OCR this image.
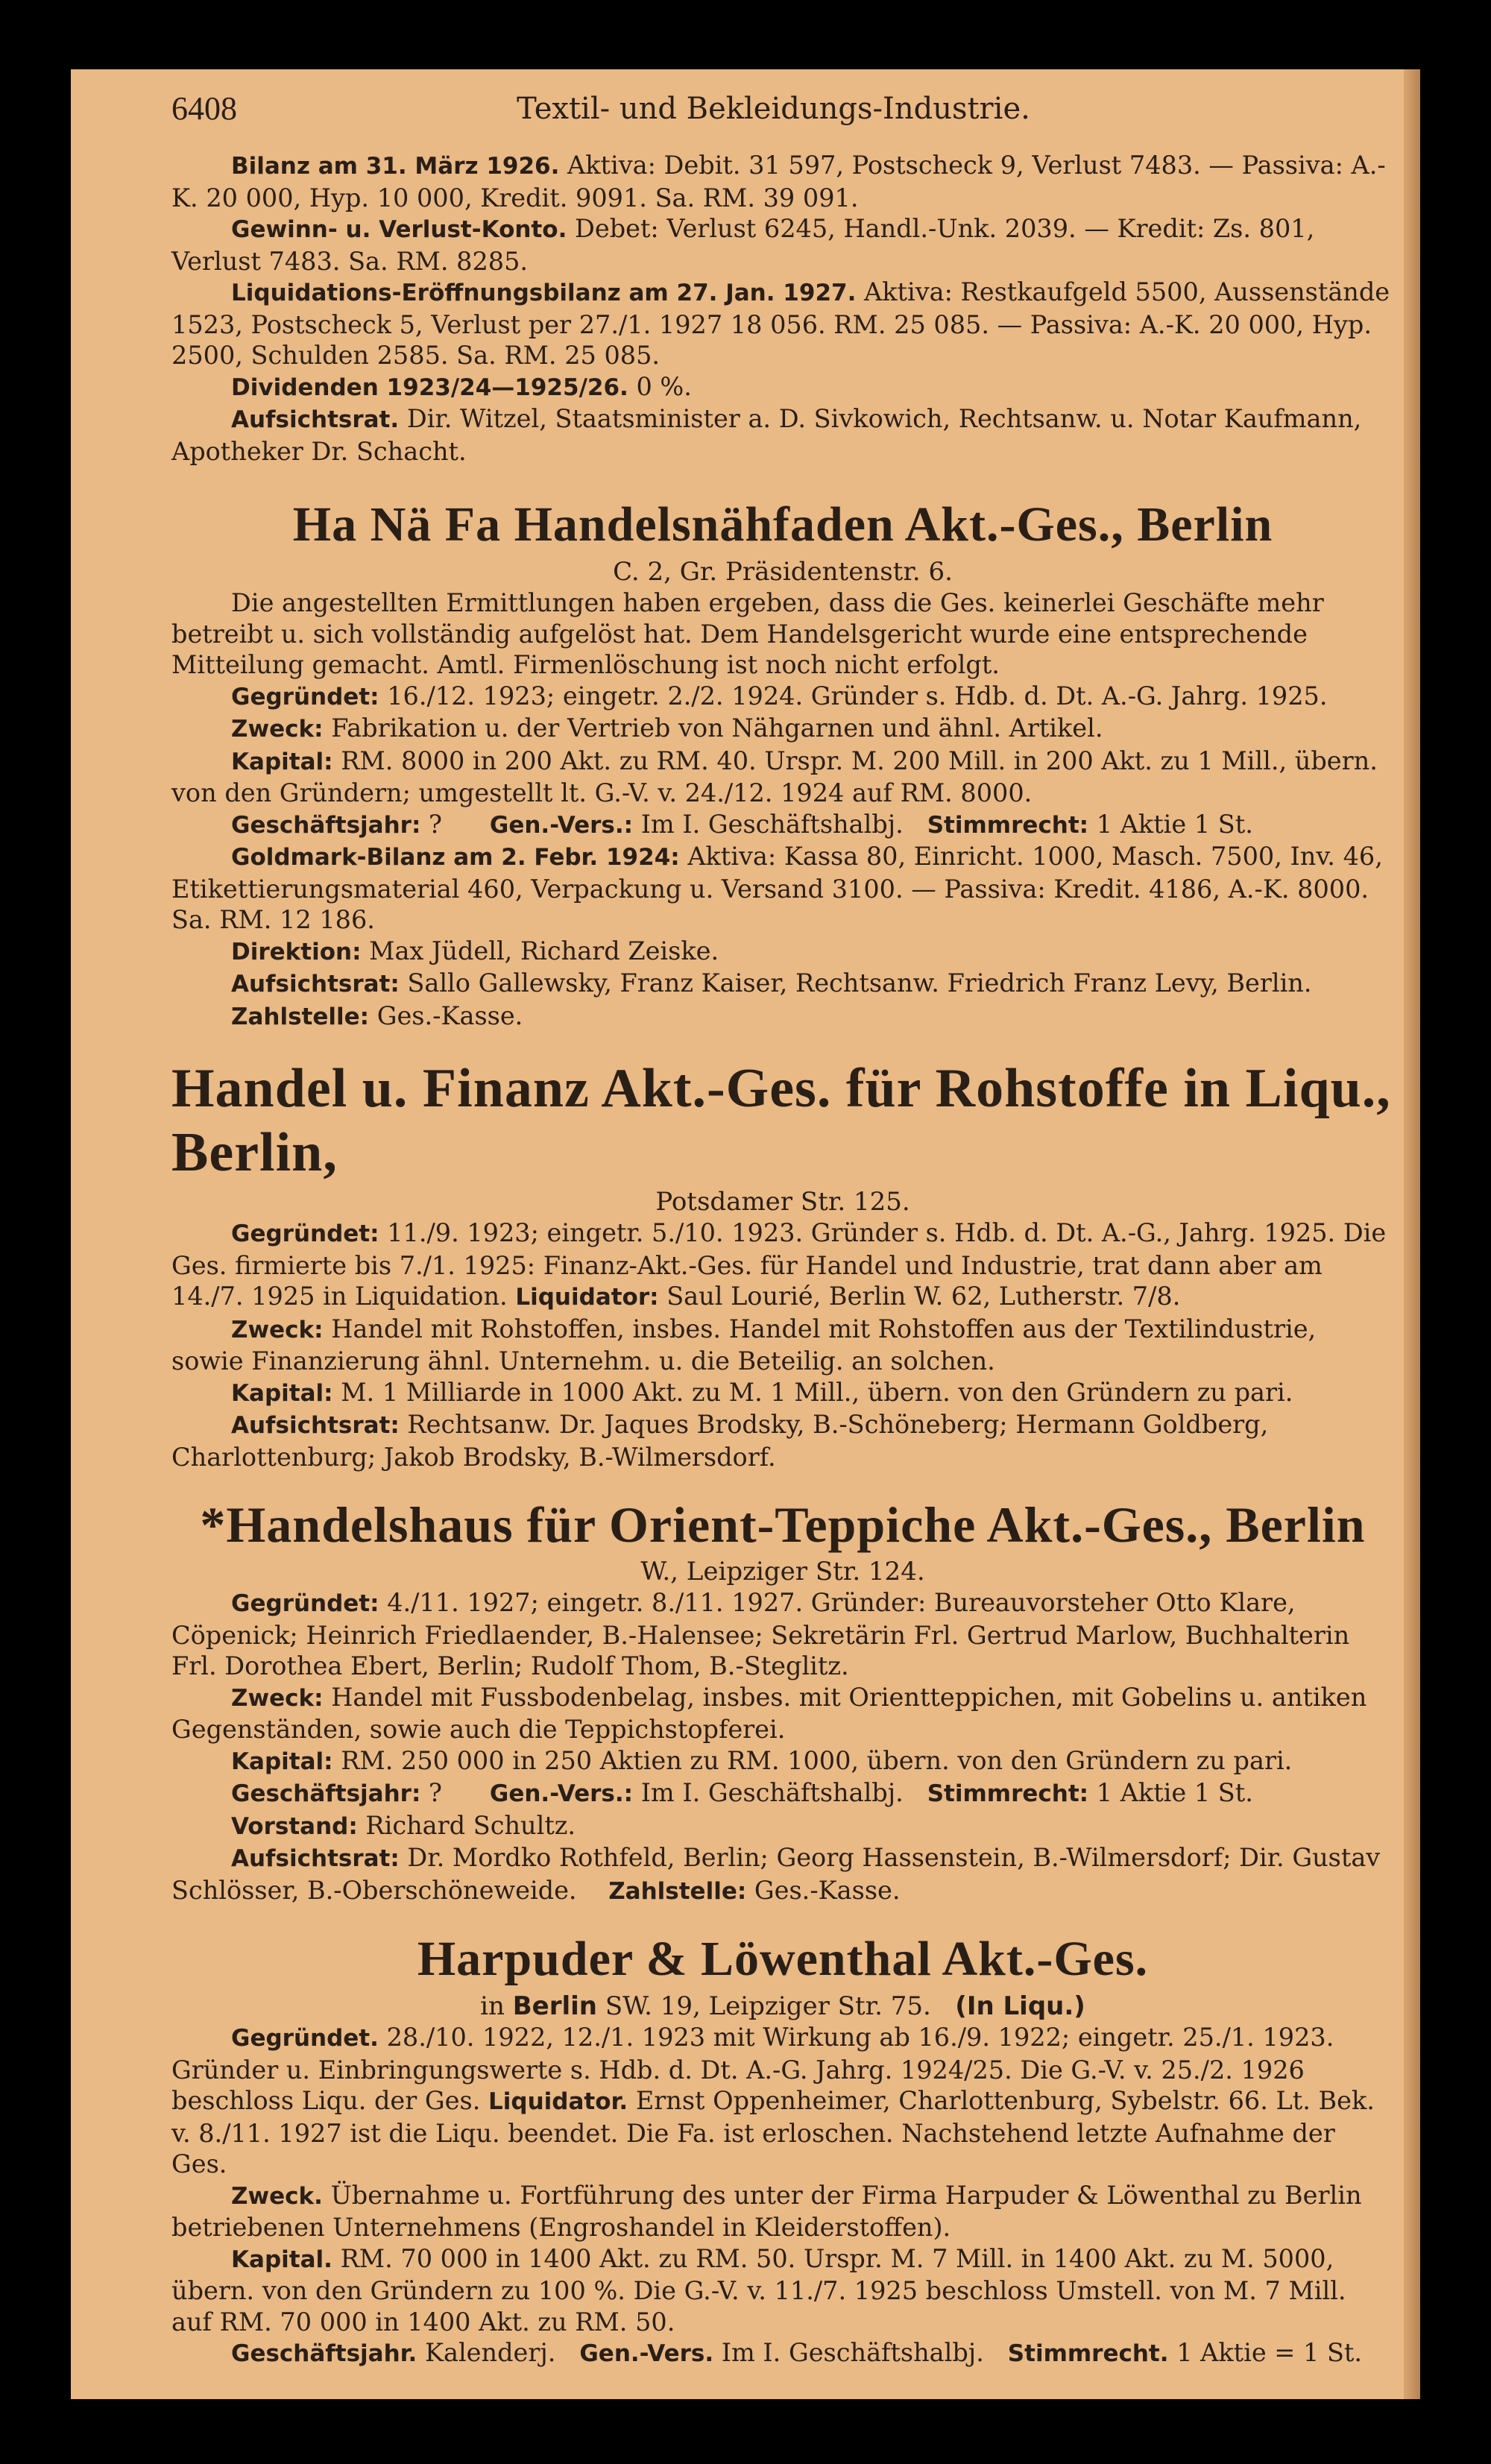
6408	Textil- und Bekleidungs-Industrie.

Bilanz am 31. März 1926. Aktiva: Debit. 31 597, Postscheck 9, Verlust 7483. — Passiva: A.-K. 20 000, Hyp. 10 000, Kredit. 9091. Sa. RM. 39 091.

Gewinn- u. Verlust-Konto. Debet: Verlust 6245, Handl.-Unk. 2039. — Kredit: Zs. 801, Verlust 7483. Sa. RM. 8285.

Liquidations-Eröffnungsbilanz am 27. Jan. 1927. Aktiva: Restkaufgeld 5500, Aussenstände 1523, Postscheck 5, Verlust per 27./1. 1927 18 056. RM. 25 085. — Passiva: A.-K. 20 000, Hyp. 2500, Schulden 2585. Sa. RM. 25 085.

Dividenden 1923/24—1925/26. 0 %.

Aufsichtsrat. Dir. Witzel, Staatsminister a. D. Sivkowich, Rechtsanw. u. Notar Kaufmann, Apotheker Dr. Schacht.

Ha Nä Fa Handelsnähfaden Akt.-Ges., Berlin
C. 2, Gr. Präsidentenstr. 6.

Die angestellten Ermittlungen haben ergeben, dass die Ges. keinerlei Geschäfte mehr betreibt u. sich vollständig aufgelöst hat. Dem Handelsgericht wurde eine entsprechende Mitteilung gemacht. Amtl. Firmenlöschung ist noch nicht erfolgt.

Gegründet: 16./12. 1923; eingetr. 2./2. 1924. Gründer s. Hdb. d. Dt. A.-G. Jahrg. 1925.

Zweck: Fabrikation u. der Vertrieb von Nähgarnen und ähnl. Artikel.

Kapital: RM. 8000 in 200 Akt. zu RM. 40. Urspr. M. 200 Mill. in 200 Akt. zu 1 Mill., übern. von den Gründern; umgestellt lt. G.-V. v. 24./12. 1924 auf RM. 8000.

Geschäftsjahr: ? Gen.-Vers.: Im I. Geschäftshalbj. Stimmrecht: 1 Aktie 1 St.

Goldmark-Bilanz am 2. Febr. 1924: Aktiva: Kassa 80, Einricht. 1000, Masch. 7500, Inv. 46, Etikettierungsmaterial 460, Verpackung u. Versand 3100. — Passiva: Kredit. 4186, A.-K. 8000. Sa. RM. 12 186.

Direktion: Max Jüdell, Richard Zeiske.

Aufsichtsrat: Sallo Gallewsky, Franz Kaiser, Rechtsanw. Friedrich Franz Levy, Berlin.

Zahlstelle: Ges.-Kasse.

Handel u. Finanz Akt.-Ges. für Rohstoffe in Liqu., Berlin,
Potsdamer Str. 125.

Gegründet: 11./9. 1923; eingetr. 5./10. 1923. Gründer s. Hdb. d. Dt. A.-G., Jahrg. 1925. Die Ges. firmierte bis 7./1. 1925: Finanz-Akt.-Ges. für Handel und Industrie, trat dann aber am 14./7. 1925 in Liquidation. Liquidator: Saul Lourié, Berlin W. 62, Lutherstr. 7/8.

Zweck: Handel mit Rohstoffen, insbes. Handel mit Rohstoffen aus der Textilindustrie, sowie Finanzierung ähnl. Unternehm. u. die Beteilig. an solchen.

Kapital: M. 1 Milliarde in 1000 Akt. zu M. 1 Mill., übern. von den Gründern zu pari.

Aufsichtsrat: Rechtsanw. Dr. Jaques Brodsky, B.-Schöneberg; Hermann Goldberg, Charlottenburg; Jakob Brodsky, B.-Wilmersdorf.

*Handelshaus für Orient-Teppiche Akt.-Ges., Berlin
W., Leipziger Str. 124.

Gegründet: 4./11. 1927; eingetr. 8./11. 1927. Gründer: Bureauvorsteher Otto Klare, Cöpenick; Heinrich Friedlaender, B.-Halensee; Sekretärin Frl. Gertrud Marlow, Buchhalterin Frl. Dorothea Ebert, Berlin; Rudolf Thom, B.-Steglitz.

Zweck: Handel mit Fussbodenbelag, insbes. mit Orientteppichen, mit Gobelins u. antiken Gegenständen, sowie auch die Teppichstopferei.

Kapital: RM. 250 000 in 250 Aktien zu RM. 1000, übern. von den Gründern zu pari.

Geschäftsjahr: ? Gen.-Vers.: Im I. Geschäftshalbj. Stimmrecht: 1 Aktie 1 St.

Vorstand: Richard Schultz.

Aufsichtsrat: Dr. Mordko Rothfeld, Berlin; Georg Hassenstein, B.-Wilmersdorf; Dir. Gustav Schlösser, B.-Oberschöneweide. Zahlstelle: Ges.-Kasse.

Harpuder & Löwenthal Akt.-Ges.
in Berlin SW. 19, Leipziger Str. 75. (In Liqu.)

Gegründet. 28./10. 1922, 12./1. 1923 mit Wirkung ab 16./9. 1922; eingetr. 25./1. 1923. Gründer u. Einbringungswerte s. Hdb. d. Dt. A.-G. Jahrg. 1924/25. Die G.-V. v. 25./2. 1926 beschloss Liqu. der Ges. Liquidator. Ernst Oppenheimer, Charlottenburg, Sybelstr. 66. Lt. Bek. v. 8./11. 1927 ist die Liqu. beendet. Die Fa. ist erloschen. Nachstehend letzte Aufnahme der Ges.

Zweck. Übernahme u. Fortführung des unter der Firma Harpuder & Löwenthal zu Berlin betriebenen Unternehmens (Engroshandel in Kleiderstoffen).

Kapital. RM. 70 000 in 1400 Akt. zu RM. 50. Urspr. M. 7 Mill. in 1400 Akt. zu M. 5000, übern. von den Gründern zu 100 %. Die G.-V. v. 11./7. 1925 beschloss Umstell. von M. 7 Mill. auf RM. 70 000 in 1400 Akt. zu RM. 50.

Geschäftsjahr. Kalenderj. Gen.-Vers. Im I. Geschäftshalbj. Stimmrecht. 1 Aktie = 1 St.
